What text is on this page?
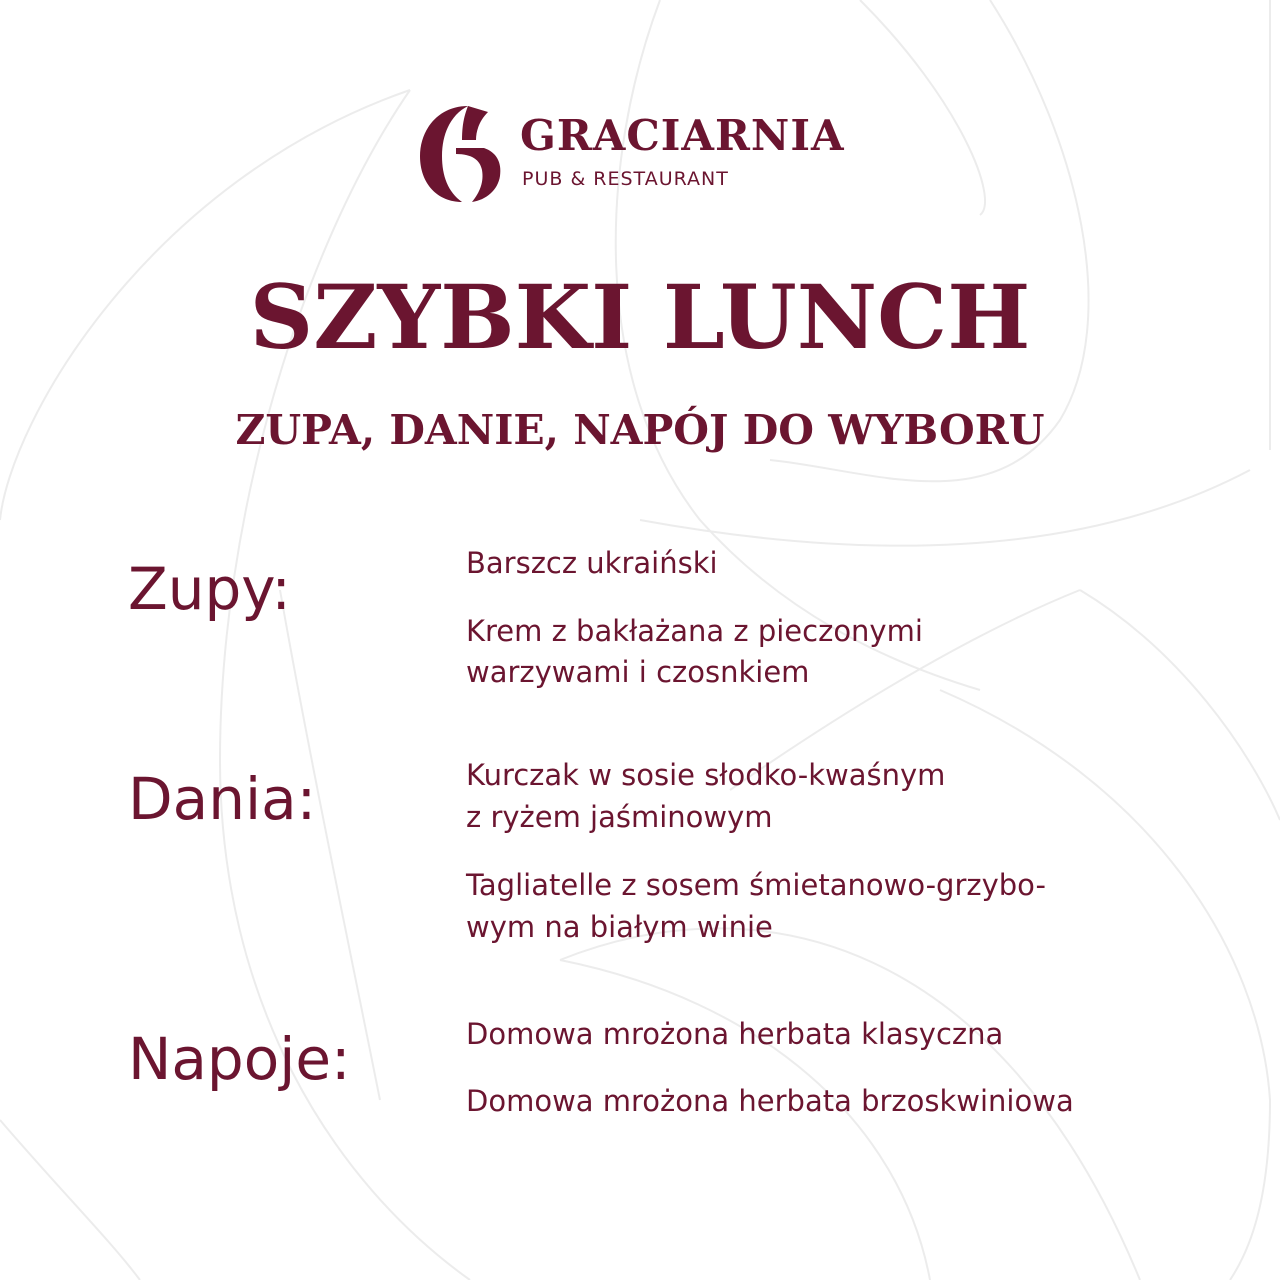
GRACIARNIA
PUB & RESTAURANT
SZYBKI LUNCH
ZUPA, DANIE, NAPÓJ DO WYBORU
Zupy:	Barszcz ukraiński
Krem z bakłażana z pieczonymi
warzywami i czosnkiem
Dania:	Kurczak w sosie słodko-kwaśnym
z ryżem jaśminowym
Tagliatelle z sosem śmietanowo-grzybo-
wym na białym winie
Napoje:	Domowa mrożona herbata klasyczna
Domowa mrożona herbata brzoskwiniowa
